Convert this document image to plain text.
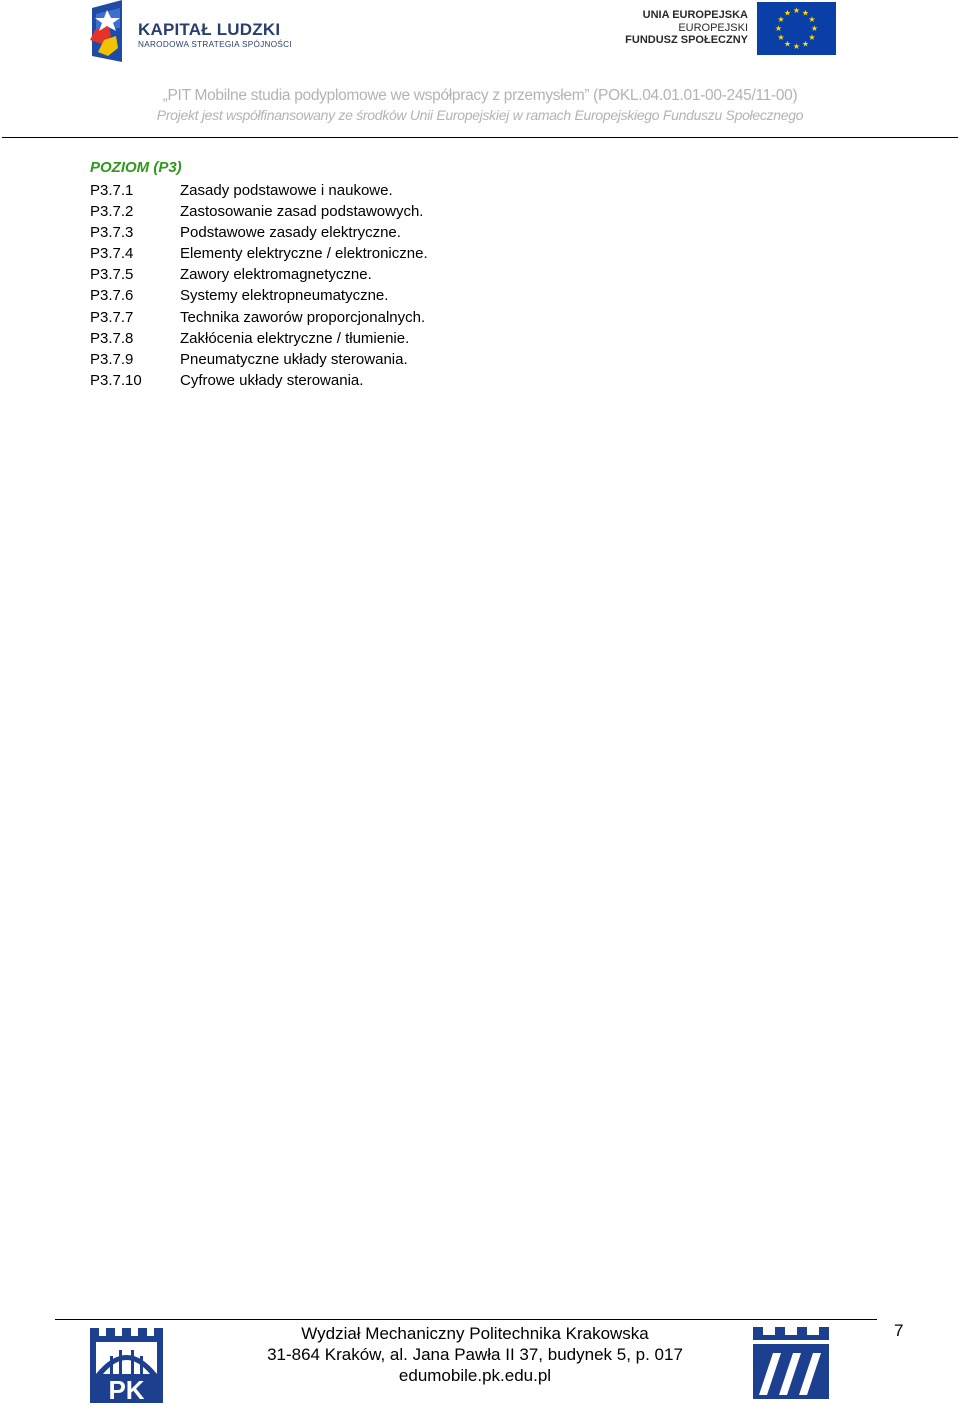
KAPITAŁ LUDZKI
NARODOWA STRATEGIA SPÓJNOŚCI
UNIA EUROPEJSKA
EUROPEJSKI
FUNDUSZ SPOŁECZNY
★ ★
★
★
★
★
★
★
★
★
★
★
„PIT Mobilne studia podyplomowe we współpracy z przemysłem” (POKL.04.01.01-00-245/11-00)
Projekt jest współfinansowany ze środków Unii Europejskiej w ramach Europejskiego Funduszu Społecznego
POZIOM (P3)
P3.7.1	Zasady podstawowe i naukowe.
P3.7.2	Zastosowanie zasad podstawowych.
P3.7.3	Podstawowe zasady elektryczne.
P3.7.4	Elementy elektryczne / elektroniczne.
P3.7.5	Zawory elektromagnetyczne.
P3.7.6	Systemy elektropneumatyczne.
P3.7.7	Technika zaworów proporcjonalnych.
P3.7.8	Zakłócenia elektryczne / tłumienie.
P3.7.9	Pneumatyczne układy sterowania.
P3.7.10	Cyfrowe układy sterowania.
PK
Wydział Mechaniczny Politechnika Krakowska
31-864 Kraków, al. Jana Pawła II 37, budynek 5, p. 017
edumobile.pk.edu.pl
7
